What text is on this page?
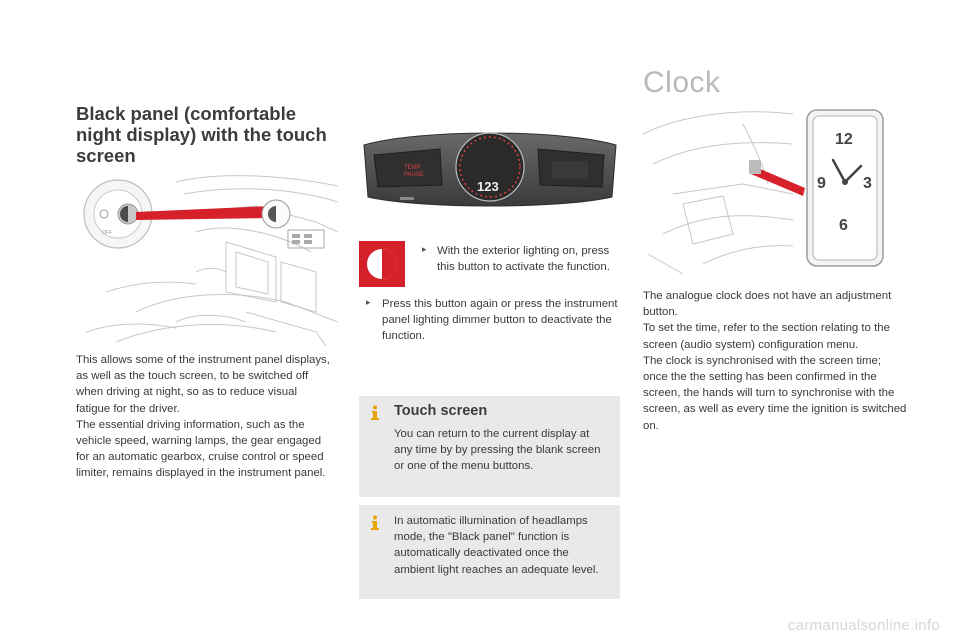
Black panel (comfortable night display) with the touch screen
OFF

This allows some of the instrument panel displays, as well as the touch screen, to be switched off when driving at night, so as to reduce visual fatigue for the driver.
The essential driving information, such as the vehicle speed, warning lamps, the gear engaged for an automatic gearbox, cruise control or speed limiter, remains displayed in the instrument panel.

TEMP
PAUSE
123
▸ With the exterior lighting on, press this button to activate the function.

▸ Press this button again or press the instrument panel lighting dimmer button to deactivate the function.

Touch screen

You can return to the current display at any time by by pressing the blank screen or one of the menu buttons.

In automatic illumination of headlamps mode, the "Black panel" function is automatically deactivated once the ambient light reaches an adequate level.

Clock
12
3
6
9

The analogue clock does not have an adjustment button.
To set the time, refer to the section relating to the screen (audio system) configuration menu.
The clock is synchronised with the screen time; once the the setting has been confirmed in the screen, the hands will turn to synchronise with the screen, as well as every time the ignition is switched on.

carmanualsonline.info
